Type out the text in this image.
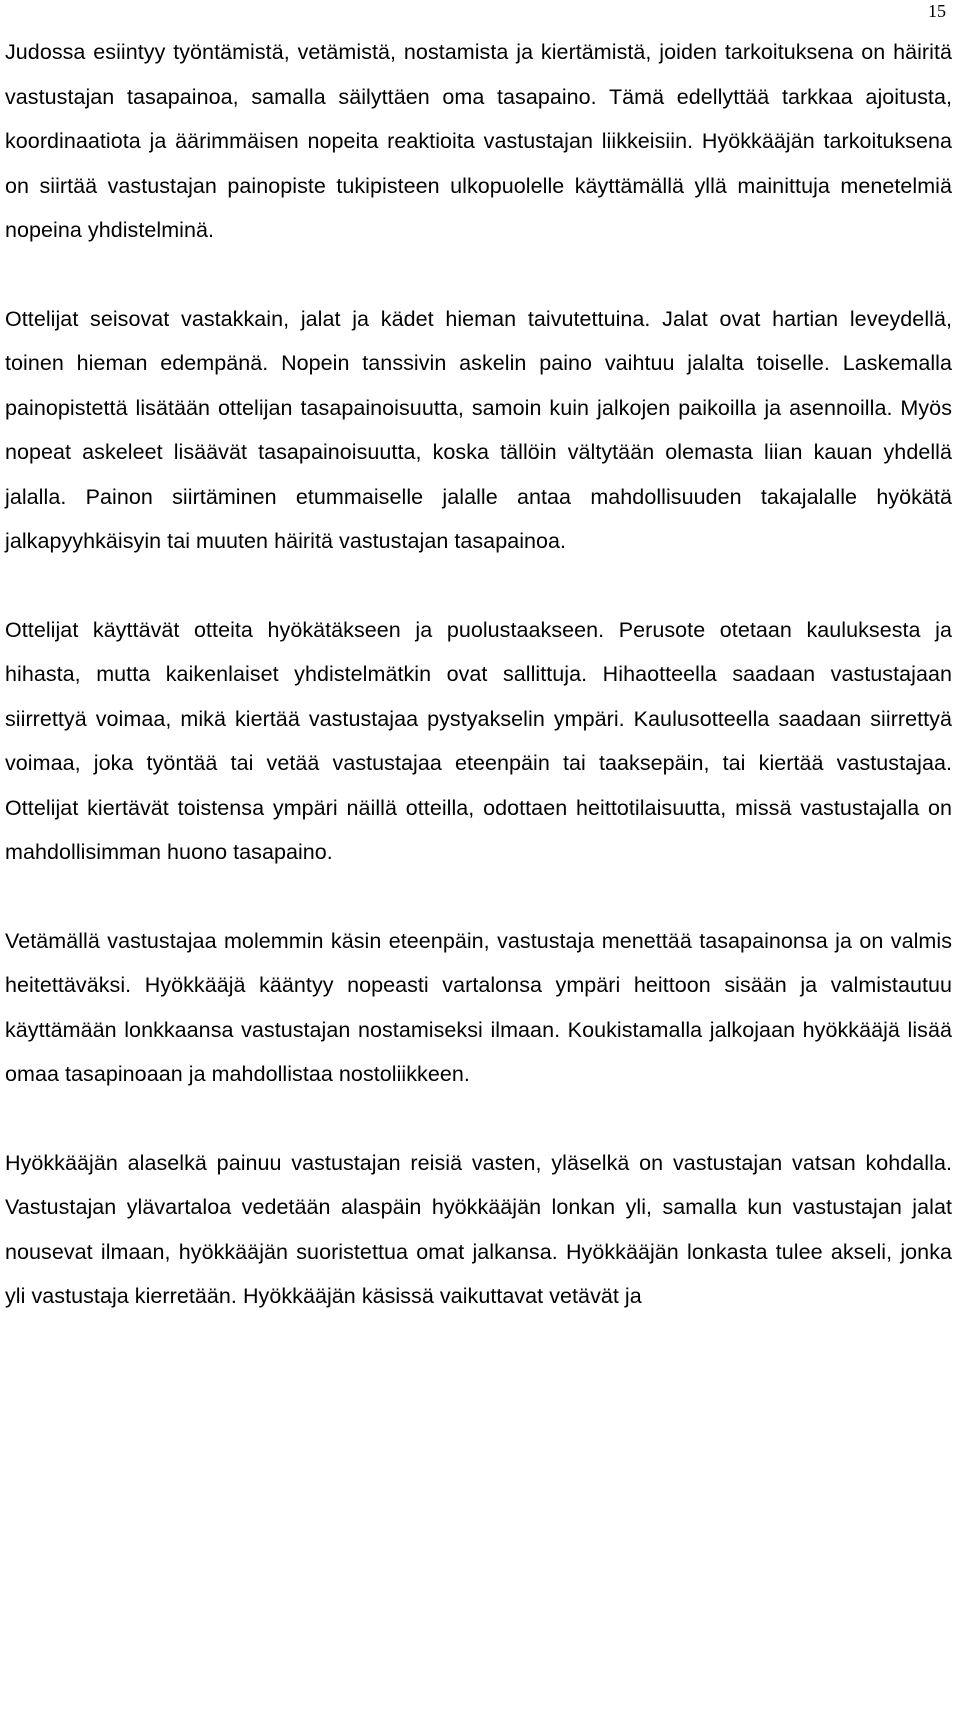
15

Judossa esiintyy työntämistä, vetämistä, nostamista ja kiertämistä, joiden tarkoituksena on häiritä vastustajan tasapainoa, samalla säilyttäen oma tasapaino. Tämä edellyttää tarkkaa ajoitusta, koordinaatiota ja äärimmäisen nopeita reaktioita vastustajan liikkeisiin. Hyökkääjän tarkoituksena on siirtää vastustajan painopiste tukipisteen ulkopuolelle käyttämällä yllä mainittuja menetelmiä nopeina yhdistelminä.

Ottelijat seisovat vastakkain, jalat ja kädet hieman taivutettuina. Jalat ovat hartian leveydellä, toinen hieman edempänä. Nopein tanssivin askelin paino vaihtuu jalalta toiselle. Laskemalla painopistettä lisätään ottelijan tasapainoisuutta, samoin kuin jalkojen paikoilla ja asennoilla. Myös nopeat askeleet lisäävät tasapainoisuutta, koska tällöin vältytään olemasta liian kauan yhdellä jalalla. Painon siirtäminen etummaiselle jalalle antaa mahdollisuuden takajalalle hyökätä jalkapyyhkäisyin tai muuten häiritä vastustajan tasapainoa.

Ottelijat käyttävät otteita hyökätäkseen ja puolustaakseen. Perusote otetaan kauluksesta ja hihasta, mutta kaikenlaiset yhdistelmätkin ovat sallittuja. Hihaotteella saadaan vastustajaan siirrettyä voimaa, mikä kiertää vastustajaa pystyakselin ympäri. Kaulusotteella saadaan siirrettyä voimaa, joka työntää tai vetää vastustajaa eteenpäin tai taaksepäin, tai kiertää vastustajaa. Ottelijat kiertävät toistensa ympäri näillä otteilla, odottaen heittotilaisuutta, missä vastustajalla on mahdollisimman huono tasapaino.

Vetämällä vastustajaa molemmin käsin eteenpäin, vastustaja menettää tasapainonsa ja on valmis heitettäväksi. Hyökkääjä kääntyy nopeasti vartalonsa ympäri heittoon sisään ja valmistautuu käyttämään lonkkaansa vastustajan nostamiseksi ilmaan. Koukistamalla jalkojaan hyökkääjä lisää omaa tasapinoaan ja mahdollistaa nostoliikkeen.

Hyökkääjän alaselkä painuu vastustajan reisiä vasten, yläselkä on vastustajan vatsan kohdalla. Vastustajan ylävartaloa vedetään alaspäin hyökkääjän lonkan yli, samalla kun vastustajan jalat nousevat ilmaan, hyökkääjän suoristettua omat jalkansa. Hyökkääjän lonkasta tulee akseli, jonka yli vastustaja kierretään. Hyökkääjän käsissä vaikuttavat vetävät ja
